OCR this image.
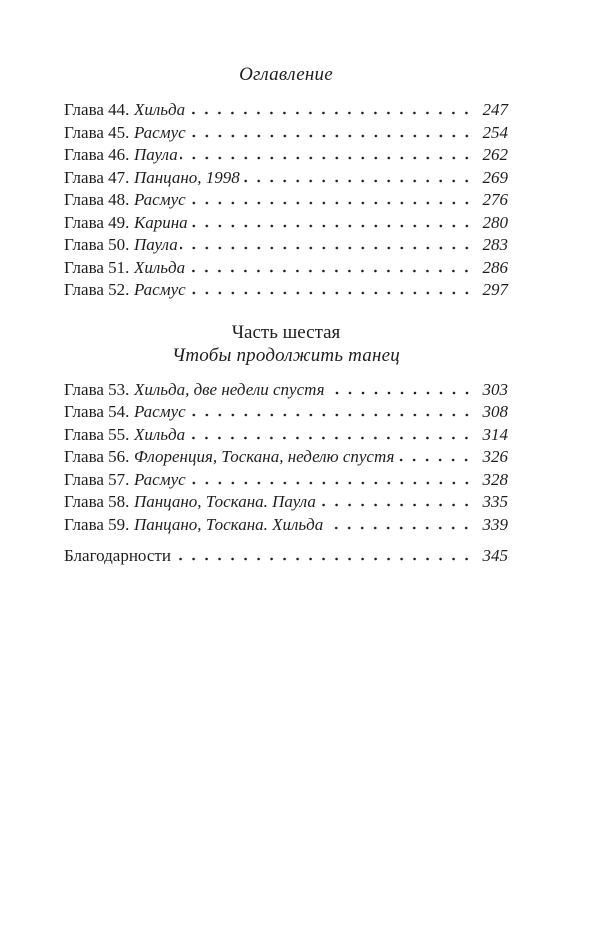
Оглавление
Глава 44. Хильда	247
Глава 45. Расмус	254
Глава 46. Паула	262
Глава 47. Панцано, 1998	269
Глава 48. Расмус	276
Глава 49. Карина	280
Глава 50. Паула	283
Глава 51. Хильда	286
Глава 52. Расмус	297
Часть шестая
Чтобы продолжить танец
Глава 53. Хильда, две недели спустя	303
Глава 54. Расмус	308
Глава 55. Хильда	314
Глава 56. Флоренция, Тоскана, неделю спустя	326
Глава 57. Расмус	328
Глава 58. Панцано, Тоскана. Паула	335
Глава 59. Панцано, Тоскана. Хильда	339
Благодарности	345
